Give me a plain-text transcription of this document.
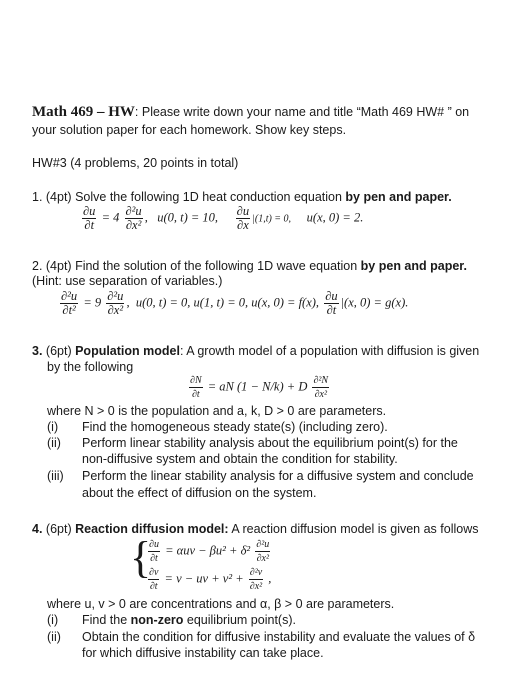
Math 469 – HW: Please write down your name and title “Math 469 HW# ” on
your solution paper for each homework. Show key steps.
HW#3 (4 problems, 20 points in total)
1. (4pt) Solve the following 1D heat conduction equation by pen and paper.
$\frac{\partial u}{\partial t} = 4 \frac{\text{∂²u}}{\text{∂x²}}$ ,   u(0, t) = 10, $\frac{\partial u}{\partial x} |(1,t) = 0$, u(x, 0) = 2.
2. (4pt) Find the solution of the following 1D wave equation by pen and paper.
(Hint: use separation of variables.)
$\frac{\text{∂²u}}{\text{∂t²}} = 9 \frac{\text{∂²u}}{\text{∂x²}}$ , u(0, t) = 0, u(1, t) = 0, u(x, 0) = f(x), $\frac{\partial u}{\partial t} |(x$, 0) = g(x).
3. (6pt) Population model: A growth model of a population with diffusion is given
by the following
$\frac{\partial N}{\partial t}$ = aN (1 − N/k) + D $\frac{\text{∂²N}}{\text{∂x²}}$
where N > 0 is the population and a, k, D > 0 are parameters.
(i) Find the homogeneous steady state(s) (including zero).
(ii) Perform linear stability analysis about the equilibrium point(s) for the
non-diffusive system and obtain the condition for stability.
(iii) Perform the linear stability analysis for a diffusive system and conclude
about the effect of diffusion on the system.
4. (6pt) Reaction diffusion model: A reaction diffusion model is given as follows
{
$\frac{\partial u}{\partial t} = \alpha uv - \beta u^2 + \delta^2 \frac{\text{∂²u}}{\text{∂x²}}$
$\frac{\partial v}{\partial t} = v$ − uv + $v^2 + \frac{\text{∂²v}}{\text{∂x²}}$ ,
where u, v > 0 are concentrations and α, β > 0 are parameters.
(i) Find the non-zero equilibrium point(s).
(ii) Obtain the condition for diffusive instability and evaluate the values of δ
for which diffusive instability can take place.
